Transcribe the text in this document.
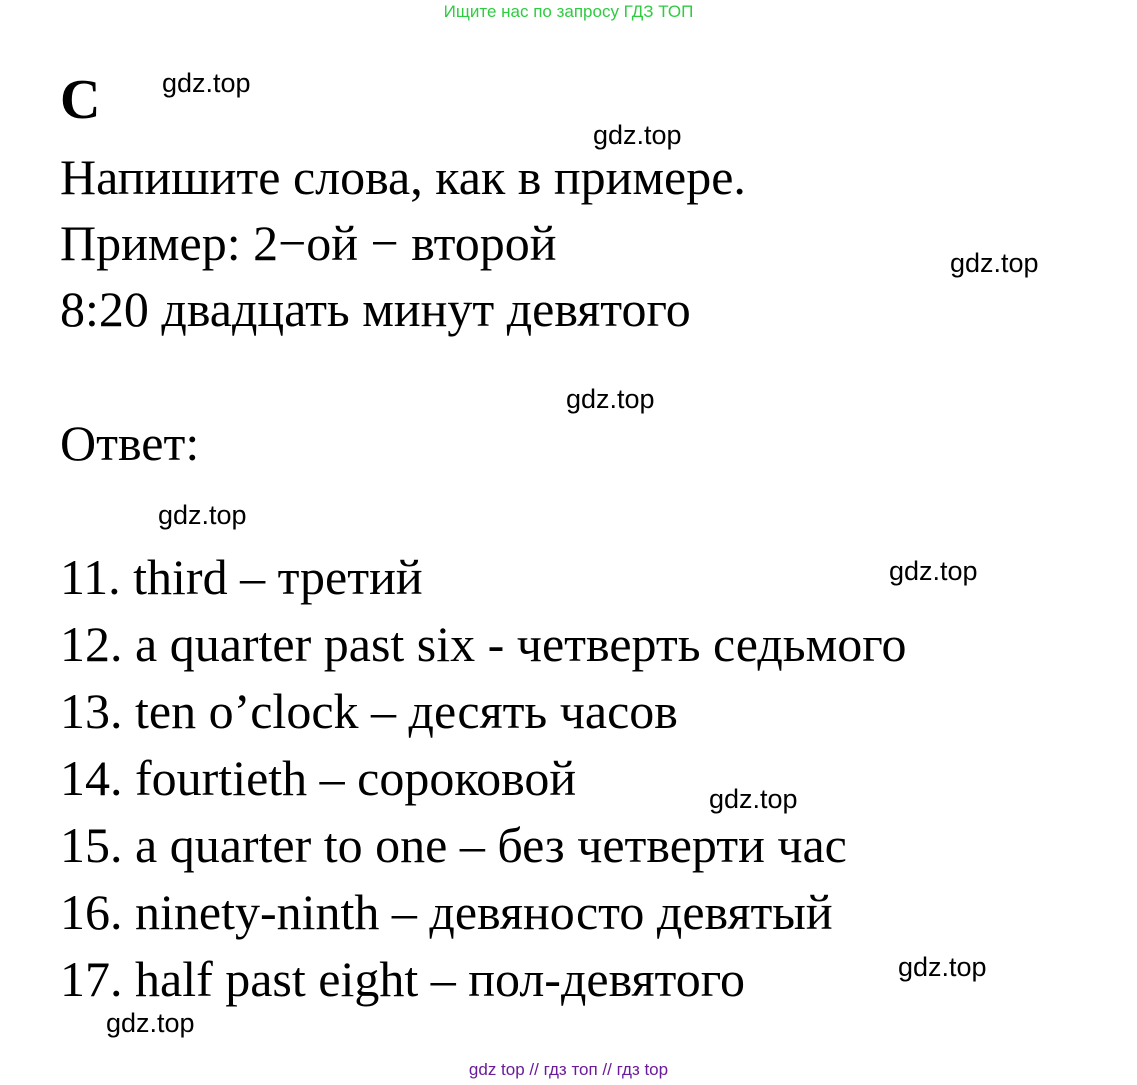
Ищите нас по запросу ГДЗ ТОП
C
Напишите слова, как в примере.
Пример: 2−ой − второй
8:20 двадцать минут девятого
Ответ:
11. third – третий
12. a quarter past six - четверть седьмого
13. ten o’clock – десять часов
14. fourtieth – сороковой
15. a quarter to one – без четверти час
16. ninety-ninth – девяносто девятый
17. half past eight – пол-девятого
gdz.top
gdz.top
gdz.top
gdz.top
gdz.top
gdz.top
gdz.top
gdz.top
gdz.top
gdz top // гдз топ // гдз top
